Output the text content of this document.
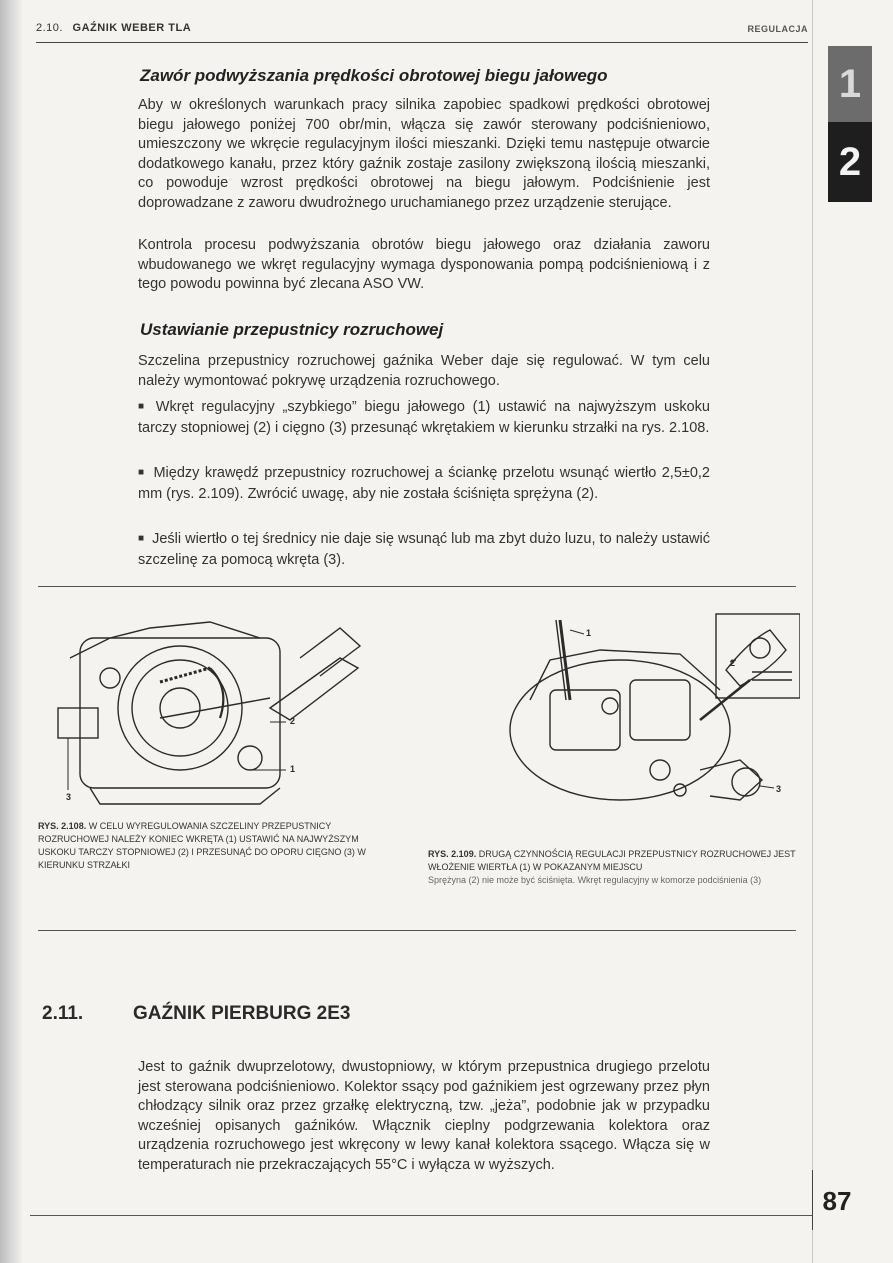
2.10. GAŹNIK WEBER TLA	REGULACJA
1
2
Zawór podwyższania prędkości obrotowej biegu jałowego

Aby w określonych warunkach pracy silnika zapobiec spadkowi prędkości obrotowej biegu jałowego poniżej 700 obr/min, włącza się zawór sterowany podciśnieniowo, umieszczony we wkręcie regulacyjnym ilości mieszanki. Dzięki temu następuje otwarcie dodatkowego kanału, przez który gaźnik zostaje zasilony zwiększoną ilością mieszanki, co powoduje wzrost prędkości obrotowej na biegu jałowym. Podciśnienie jest doprowadzane z zaworu dwudrożnego uruchamianego przez urządzenie sterujące.

Kontrola procesu podwyższania obrotów biegu jałowego oraz działania zaworu wbudowanego we wkręt regulacyjny wymaga dysponowania pompą podciśnieniową i z tego powodu powinna być zlecana ASO VW.

Ustawianie przepustnicy rozruchowej

Szczelina przepustnicy rozruchowej gaźnika Weber daje się regulować. W tym celu należy wymontować pokrywę urządzenia rozruchowego.

■ Wkręt regulacyjny „szybkiego” biegu jałowego (1) ustawić na najwyższym uskoku tarczy stopniowej (2) i cięgno (3) przesunąć wkrętakiem w kierunku strzałki na rys. 2.108.

■ Między krawędź przepustnicy rozruchowej a ściankę przelotu wsunąć wiertło 2,5±0,2 mm (rys. 2.109). Zwrócić uwagę, aby nie została ściśnięta sprężyna (2).

■ Jeśli wiertło o tej średnicy nie daje się wsunąć lub ma zbyt dużo luzu, to należy ustawić szczelinę za pomocą wkręta (3).

2
1
3
RYS. 2.108. W CELU WYREGULOWANIA SZCZELINY PRZEPUSTNICY ROZRUCHOWEJ NALEŻY KONIEC WKRĘTA (1) USTAWIĆ NA NAJWYŻSZYM USKOKU TARCZY STOPNIOWEJ (2) I PRZESUNĄĆ DO OPORU CIĘGNO (3) W KIERUNKU STRZAŁKI
1
2
3
RYS. 2.109. DRUGĄ CZYNNOŚCIĄ REGULACJI PRZEPUSTNICY ROZRUCHOWEJ JEST WŁOŻENIE WIERTŁA (1) W POKAZANYM MIEJSCU
Sprężyna (2) nie może być ściśnięta. Wkręt regulacyjny w komorze podciśnienia (3)
2.11.	GAŹNIK PIERBURG 2E3

Jest to gaźnik dwuprzelotowy, dwustopniowy, w którym przepustnica drugiego przelotu jest sterowana podciśnieniowo. Kolektor ssący pod gaźnikiem jest ogrzewany przez płyn chłodzący silnik oraz przez grzałkę elektryczną, tzw. „jeża”, podobnie jak w przypadku wcześniej opisanych gaźników. Włącznik cieplny podgrzewania kolektora oraz urządzenia rozruchowego jest wkręcony w lewy kanał kolektora ssącego. Włącza się w temperaturach nie przekraczających 55°C i wyłącza w wyższych.

87
